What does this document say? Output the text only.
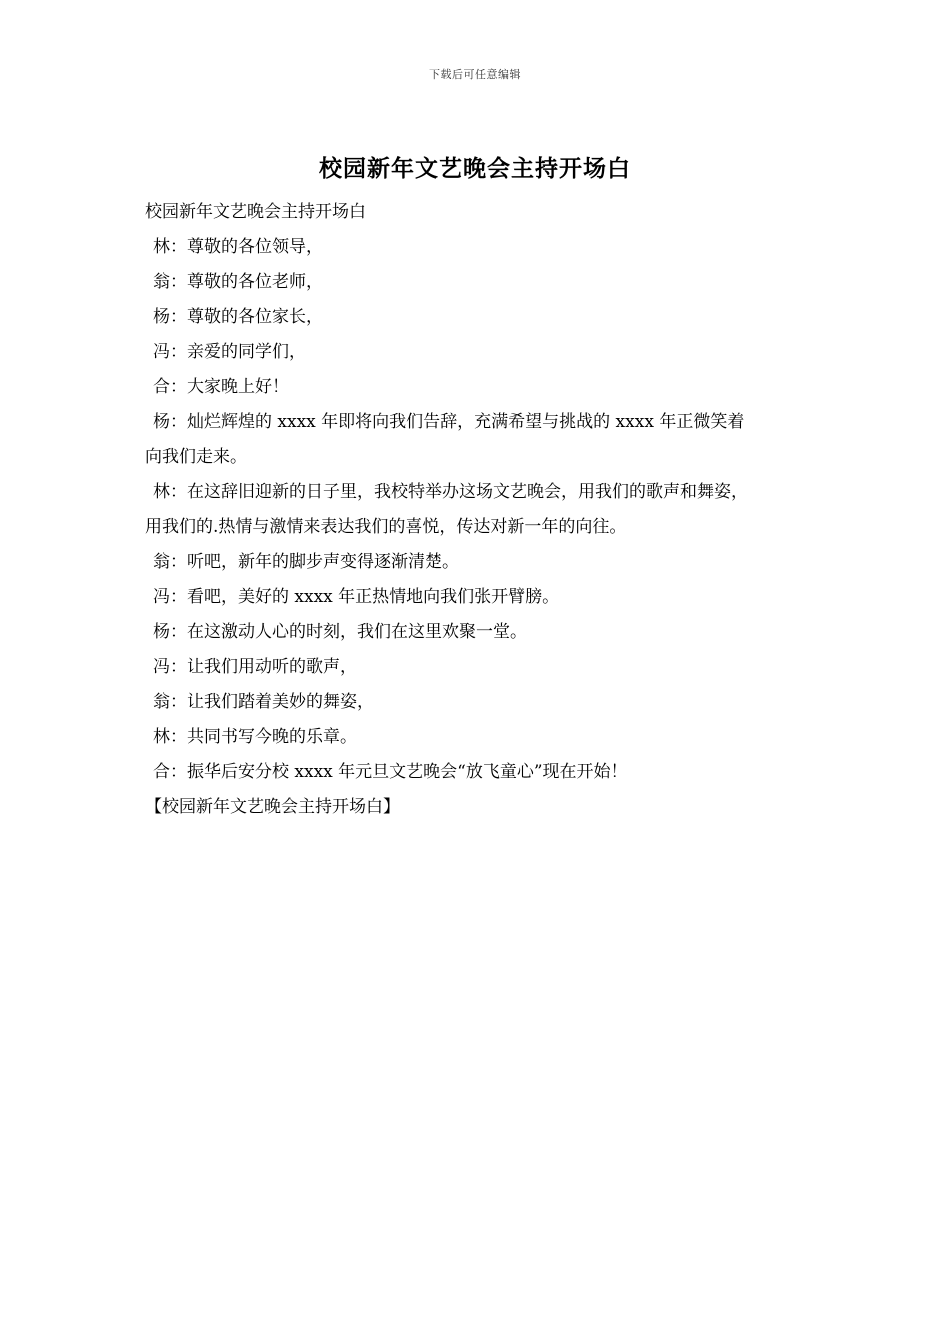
下载后可任意编辑
校园新年文艺晚会主持开场白
校园新年文艺晚会主持开场白
林：尊敬的各位领导，
翁：尊敬的各位老师，
杨：尊敬的各位家长，
冯：亲爱的同学们，
合：大家晚上好！
杨：灿烂辉煌的 xxxx 年即将向我们告辞，充满希望与挑战的 xxxx 年正微笑着
向我们走来。
林：在这辞旧迎新的日子里，我校特举办这场文艺晚会，用我们的歌声和舞姿，
用我们的.热情与激情来表达我们的喜悦，传达对新一年的向往。
翁：听吧，新年的脚步声变得逐渐清楚。
冯：看吧，美好的 xxxx 年正热情地向我们张开臂膀。
杨：在这激动人心的时刻，我们在这里欢聚一堂。
冯：让我们用动听的歌声，
翁：让我们踏着美妙的舞姿，
林：共同书写今晚的乐章。
合：振华后安分校 xxxx 年元旦文艺晚会“放飞童心”现在开始！
【校园新年文艺晚会主持开场白】
